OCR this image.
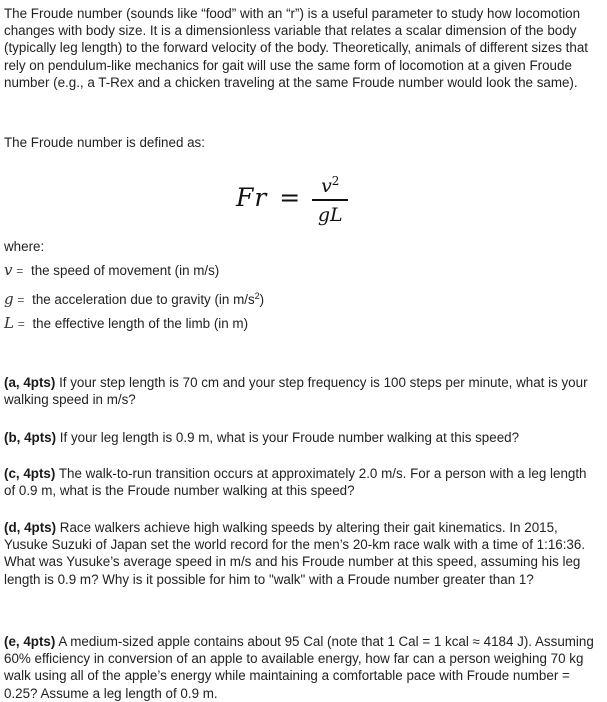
The Froude number (sounds like “food” with an “r”) is a useful parameter to study how locomotion changes with body size. It is a dimensionless variable that relates a scalar dimension of the body (typically leg length) to the forward velocity of the body. Theoretically, animals of different sizes that rely on pendulum-like mechanics for gait will use the same form of locomotion at a given Froude number (e.g., a T-Rex and a chicken traveling at the same Froude number would look the same).

The Froude number is defined as:

$Fr = \frac{v^2}{gL}$

where:

v = the speed of movement (in m/s)
g = the acceleration due to gravity (in $m/s^2$)
L = the effective length of the limb (in m)

(a, 4pts) If your step length is 70 cm and your step frequency is 100 steps per minute, what is your walking speed in m/s?

(b, 4pts) If your leg length is 0.9 m, what is your Froude number walking at this speed?

(c, 4pts) The walk-to-run transition occurs at approximately 2.0 m/s. For a person with a leg length of 0.9 m, what is the Froude number walking at this speed?

(d, 4pts) Race walkers achieve high walking speeds by altering their gait kinematics. In 2015, Yusuke Suzuki of Japan set the world record for the men’s 20-km race walk with a time of 1:16:36. What was Yusuke’s average speed in m/s and his Froude number at this speed, assuming his leg length is 0.9 m? Why is it possible for him to "walk" with a Froude number greater than 1?

(e, 4pts) A medium-sized apple contains about 95 Cal (note that 1 Cal = 1 kcal ≈ 4184 J). Assuming 60% efficiency in conversion of an apple to available energy, how far can a person weighing 70 kg walk using all of the apple’s energy while maintaining a comfortable pace with Froude number = 0.25? Assume a leg length of 0.9 m.
